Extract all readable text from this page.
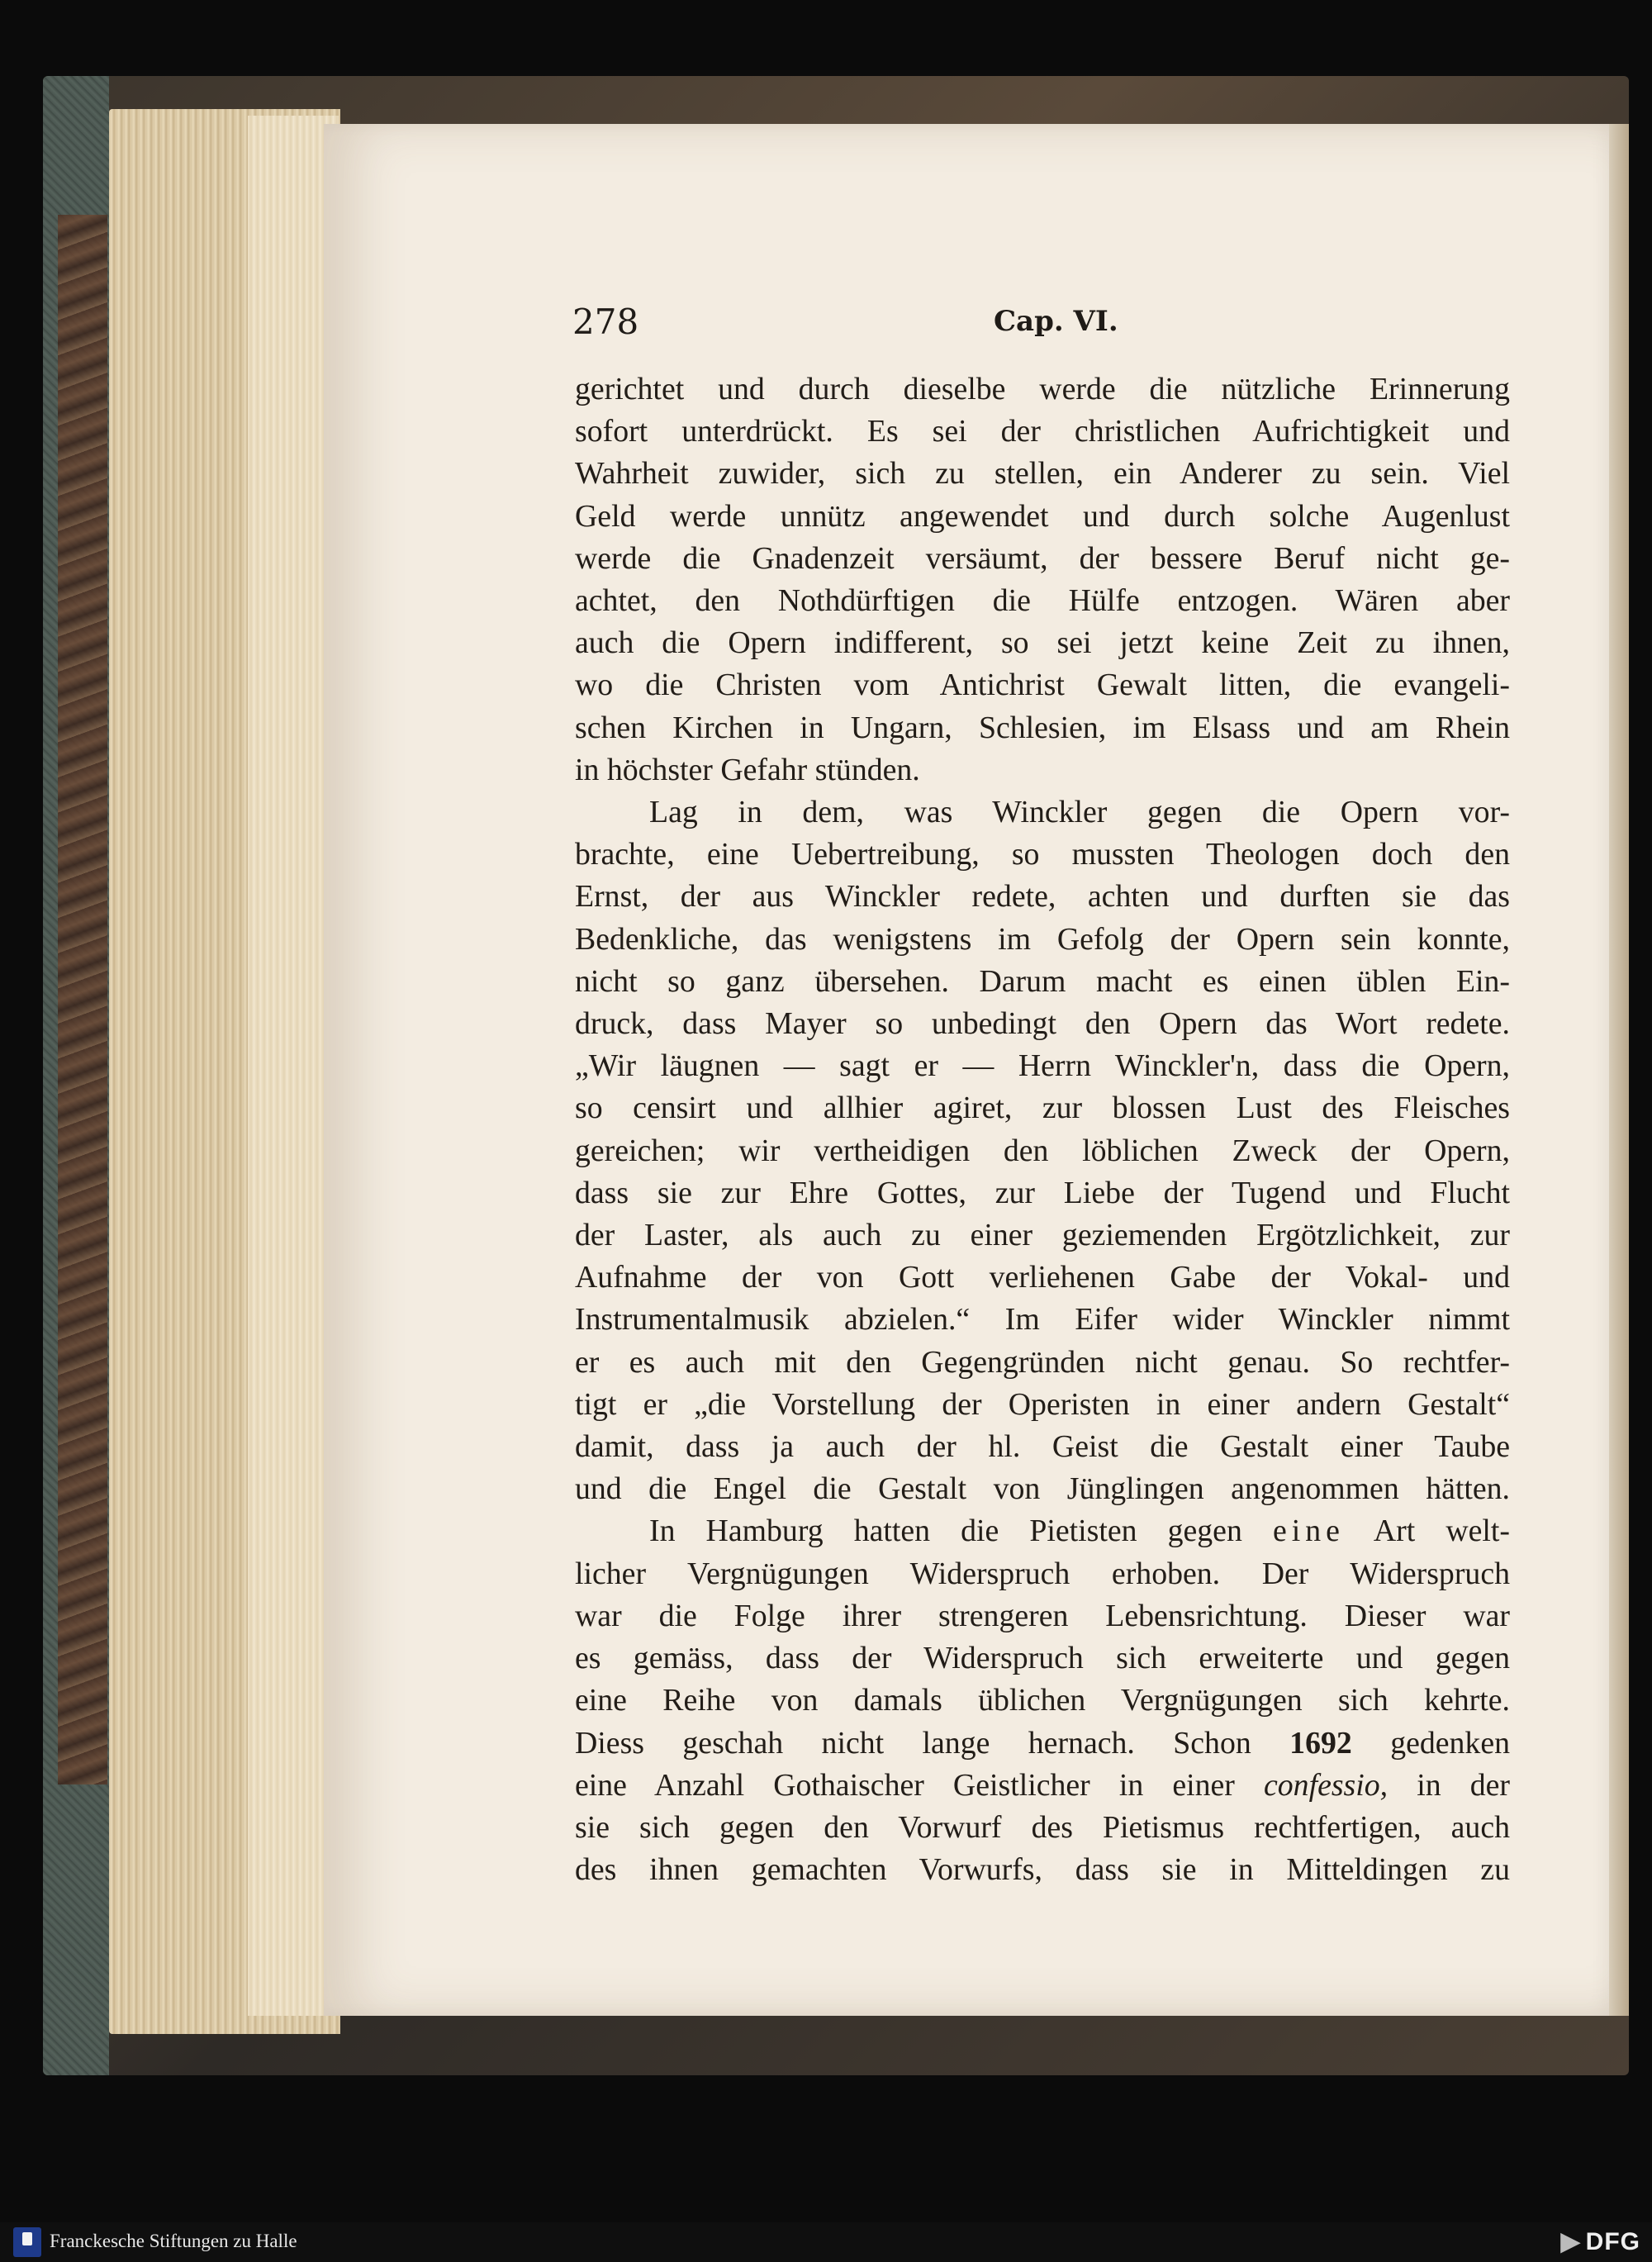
278	Cap. VI.
gerichtet und durch dieselbe werde die nützliche Erinnerung
sofort unterdrückt. Es sei der christlichen Aufrichtigkeit und
Wahrheit zuwider, sich zu stellen, ein Anderer zu sein. Viel
Geld werde unnütz angewendet und durch solche Augenlust
werde die Gnadenzeit versäumt, der bessere Beruf nicht ge-
achtet, den Nothdürftigen die Hülfe entzogen. Wären aber
auch die Opern indifferent, so sei jetzt keine Zeit zu ihnen,
wo die Christen vom Antichrist Gewalt litten, die evangeli-
schen Kirchen in Ungarn, Schlesien, im Elsass und am Rhein
in höchster Gefahr stünden.
Lag in dem, was Winckler gegen die Opern vor-
brachte, eine Uebertreibung, so mussten Theologen doch den
Ernst, der aus Winckler redete, achten und durften sie das
Bedenkliche, das wenigstens im Gefolg der Opern sein konnte,
nicht so ganz übersehen. Darum macht es einen üblen Ein-
druck, dass Mayer so unbedingt den Opern das Wort redete.
„Wir läugnen — sagt er — Herrn Winckler'n, dass die Opern,
so censirt und allhier agiret, zur blossen Lust des Fleisches
gereichen; wir vertheidigen den löblichen Zweck der Opern,
dass sie zur Ehre Gottes, zur Liebe der Tugend und Flucht
der Laster, als auch zu einer geziemenden Ergötzlichkeit, zur
Aufnahme der von Gott verliehenen Gabe der Vokal- und
Instrumentalmusik abzielen.“ Im Eifer wider Winckler nimmt
er es auch mit den Gegengründen nicht genau. So rechtfer-
tigt er „die Vorstellung der Operisten in einer andern Gestalt“
damit, dass ja auch der hl. Geist die Gestalt einer Taube
und die Engel die Gestalt von Jünglingen angenommen hätten.
In Hamburg hatten die Pietisten gegen eine Art welt-
licher Vergnügungen Widerspruch erhoben. Der Widerspruch
war die Folge ihrer strengeren Lebensrichtung. Dieser war
es gemäss, dass der Widerspruch sich erweiterte und gegen
eine Reihe von damals üblichen Vergnügungen sich kehrte.
Diess geschah nicht lange hernach. Schon 1692 gedenken
eine Anzahl Gothaischer Geistlicher in einer confessio, in der
sie sich gegen den Vorwurf des Pietismus rechtfertigen, auch
des ihnen gemachten Vorwurfs, dass sie in Mitteldingen zu
Franckesche Stiftungen zu Halle	▶ DFG
